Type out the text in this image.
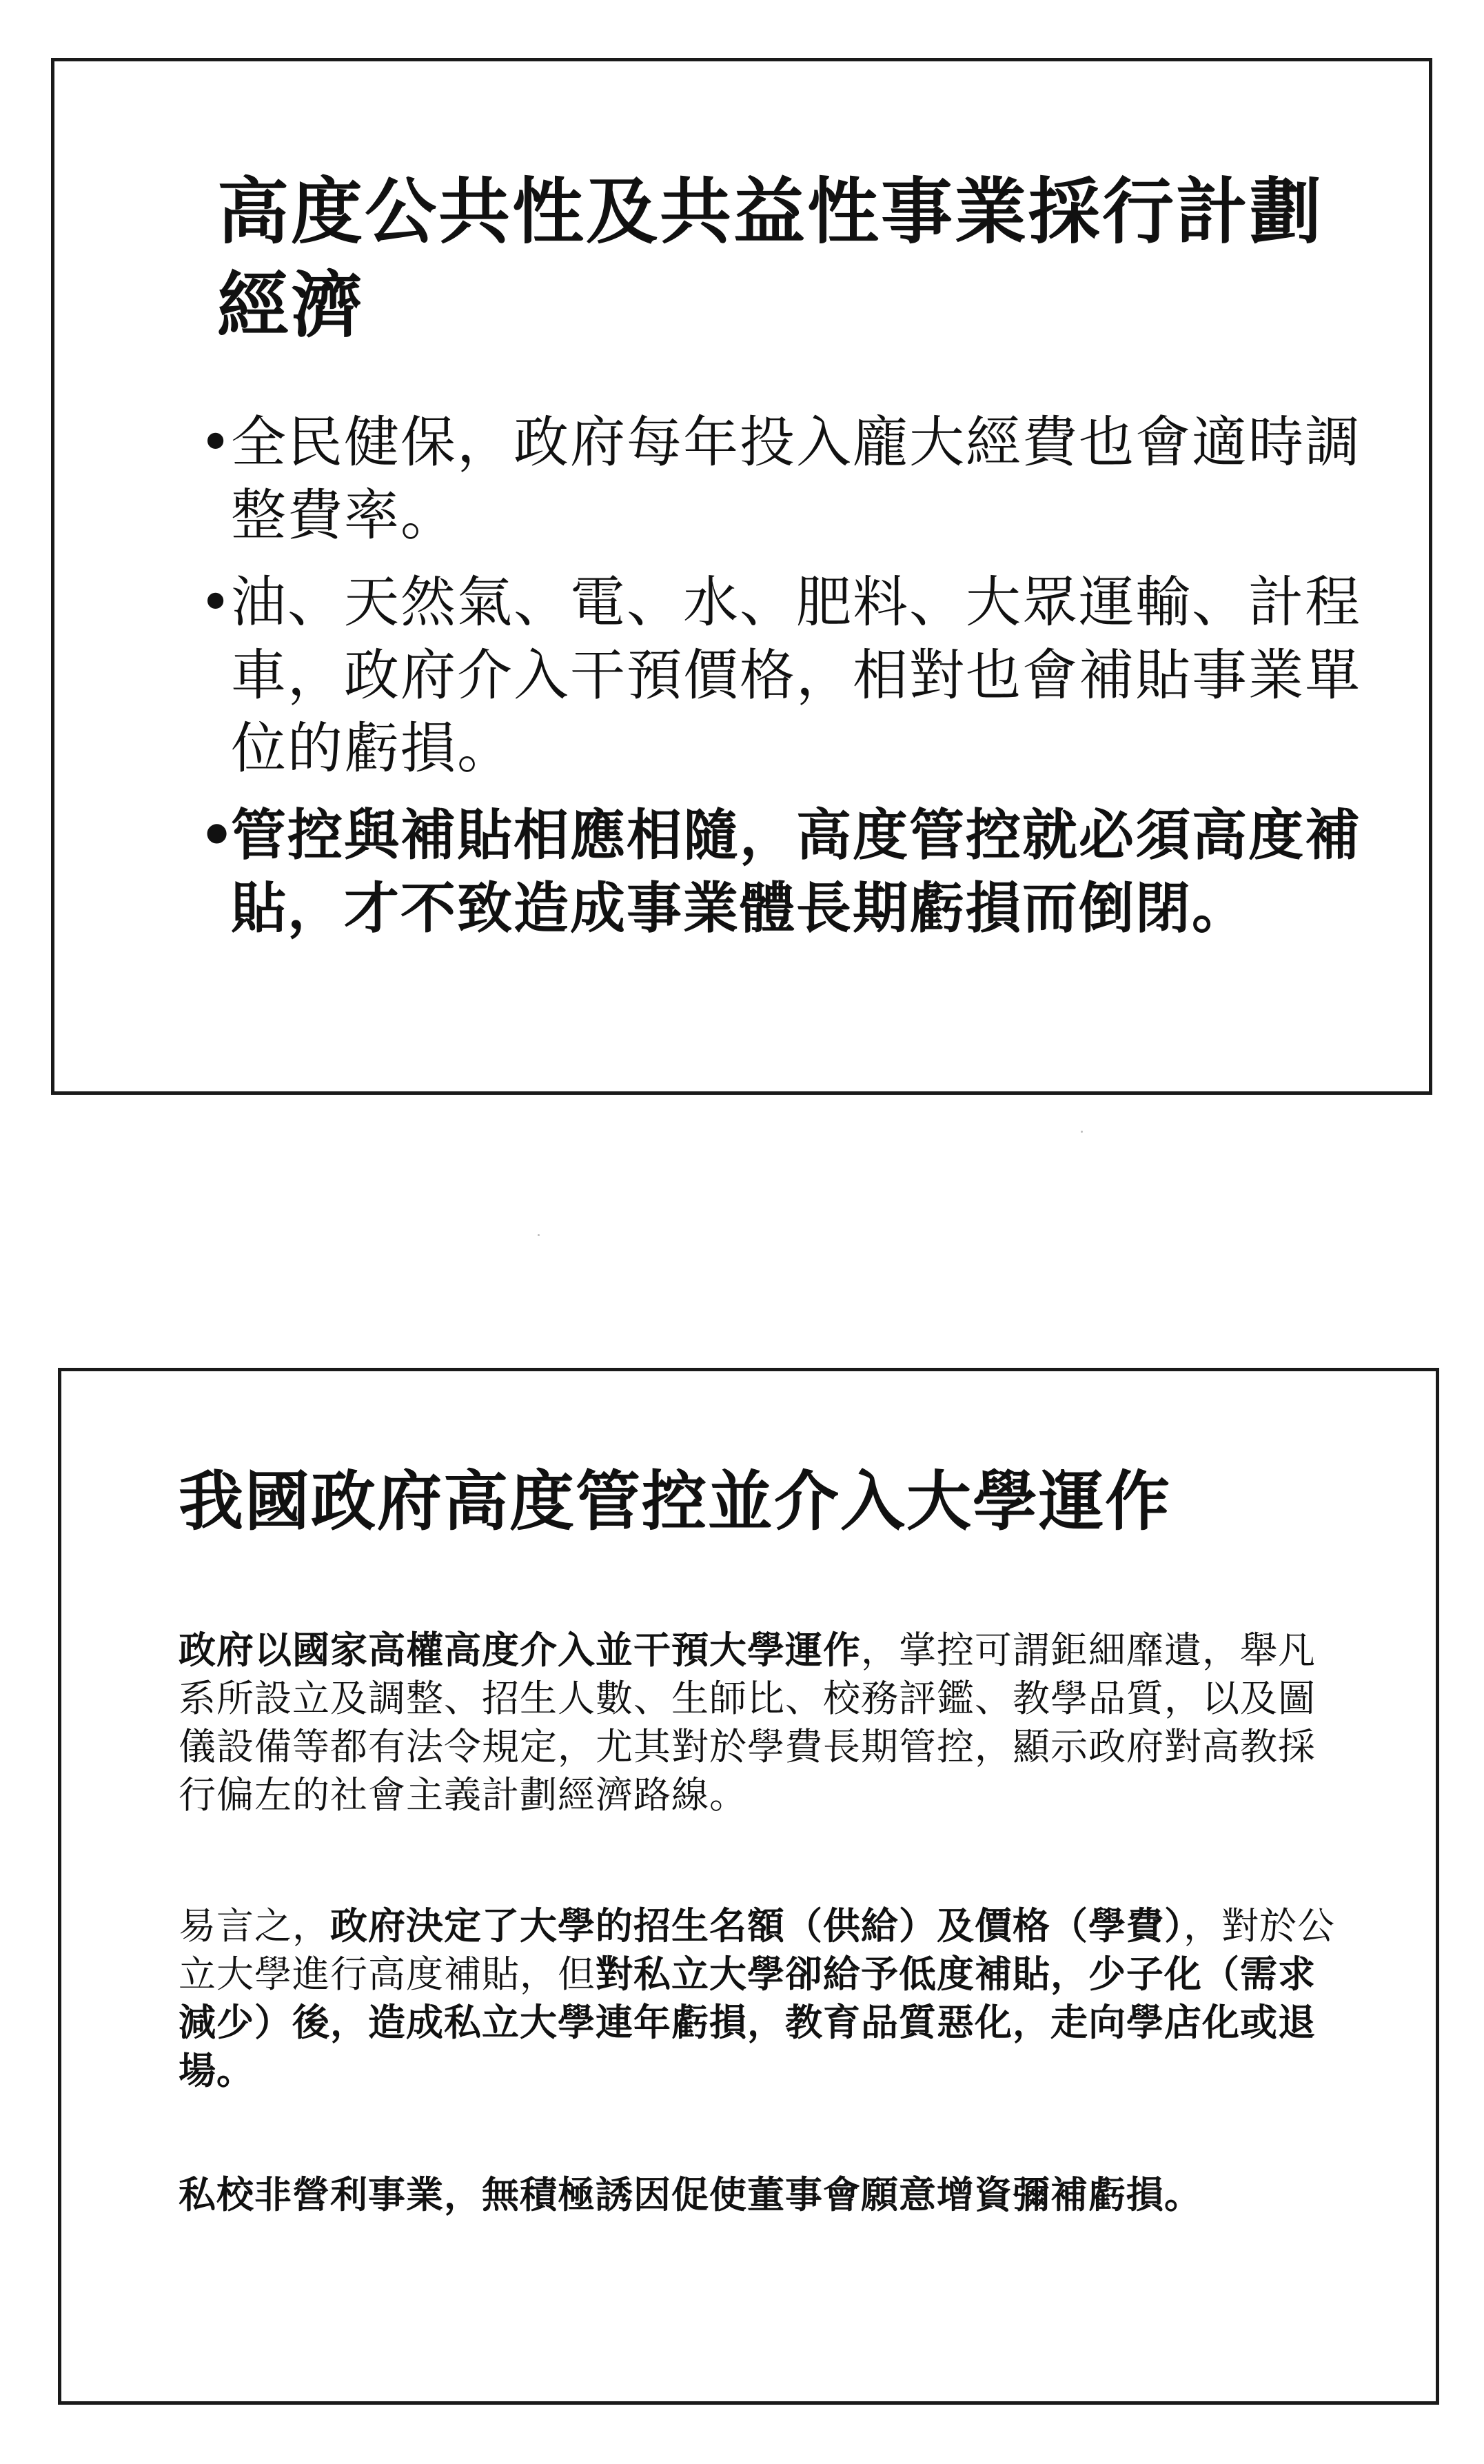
高度公共性及共益性事業採行計劃經濟
•
全民健保，政府每年投入龐大經費也會適時調整費率。
•
油、天然氣、電、水、肥料、大眾運輸、計程車，政府介入干預價格，相對也會補貼事業單位的虧損。
•
管控與補貼相應相隨，高度管控就必須高度補貼，才不致造成事業體長期虧損而倒閉。
我國政府高度管控並介入大學運作

政府以國家高權高度介入並干預大學運作，掌控可謂鉅細靡遺，舉凡系所設立及調整、招生人數、生師比、校務評鑑、教學品質，以及圖儀設備等都有法令規定，尤其對於學費長期管控，顯示政府對高教採行偏左的社會主義計劃經濟路線。

易言之，政府決定了大學的招生名額（供給）及價格（學費），對於公立大學進行高度補貼，但對私立大學卻給予低度補貼，少子化（需求減少）後，造成私立大學連年虧損，教育品質惡化，走向學店化或退場。

私校非營利事業，無積極誘因促使董事會願意增資彌補虧損。
